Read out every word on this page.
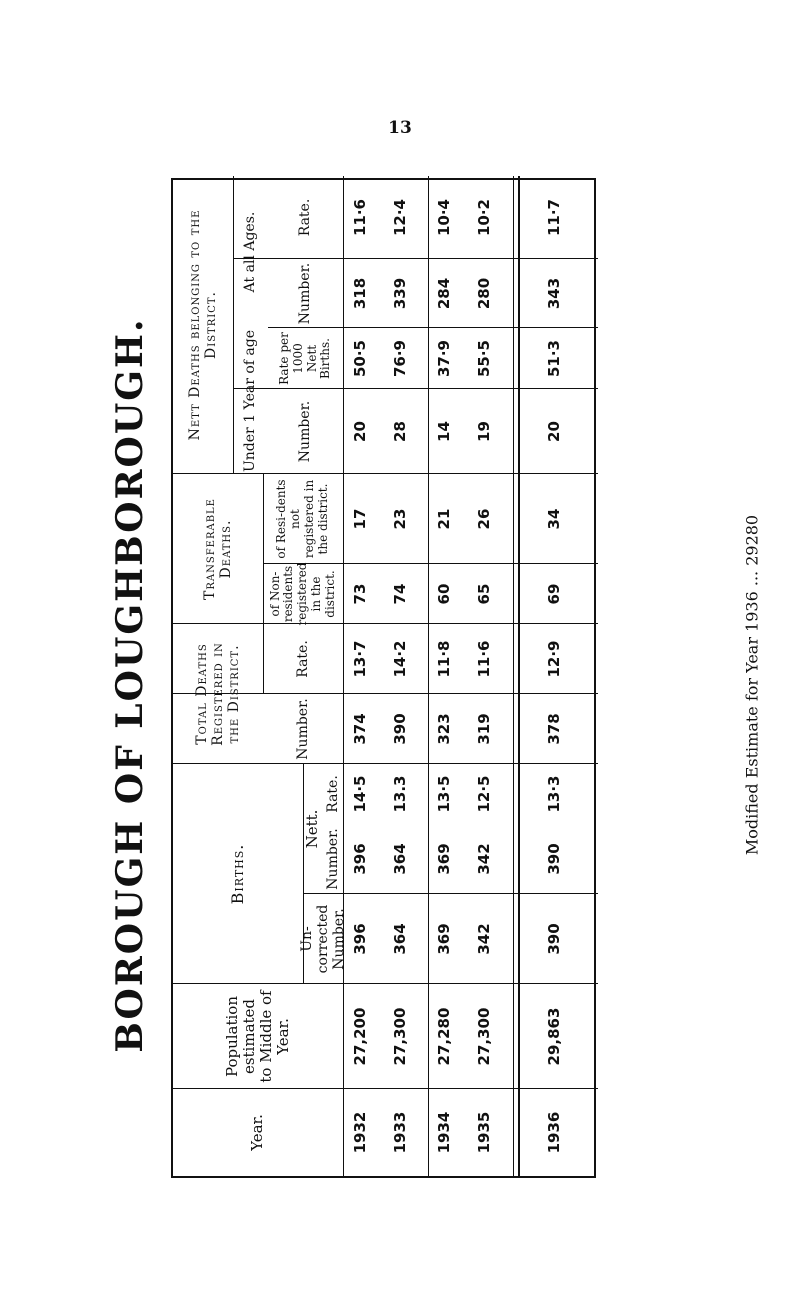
13
BOROUGH OF LOUGHBOROUGH.
Year.
Population estimated to Middle of Year.
Births.
Un-corrected Number.
Nett. Number.
Rate.
Total Deaths Registered in the District.	Number.
Rate.
Transferable Deaths.
of Non-residents registered in the district.
of Resi-dents not registered in the district.
Nett Deaths belonging to the District.
Under 1 Year of age	Number.
Rate per 1000 Nett Births.
At all Ages.
Number.
Rate.
1932
27,200
396
396
14·5
374
13·7
73
17
20
50·5
318
11·6
1933
27,300
364
364
13.3
390
14·2
74
23
28
76·9
339
12·4
1934
27,280
369
369
13·5
323
11·8
60
21
14
37·9
284
10·4
1935
27,300
342
342
12·5
319
11·6
65
26
19
55·5
280
10·2
1936
29,863
390
390
13·3
378
12·9
69
34
20
51·3
343
11·7
Modified Estimate for Year 1936 ... 29280
